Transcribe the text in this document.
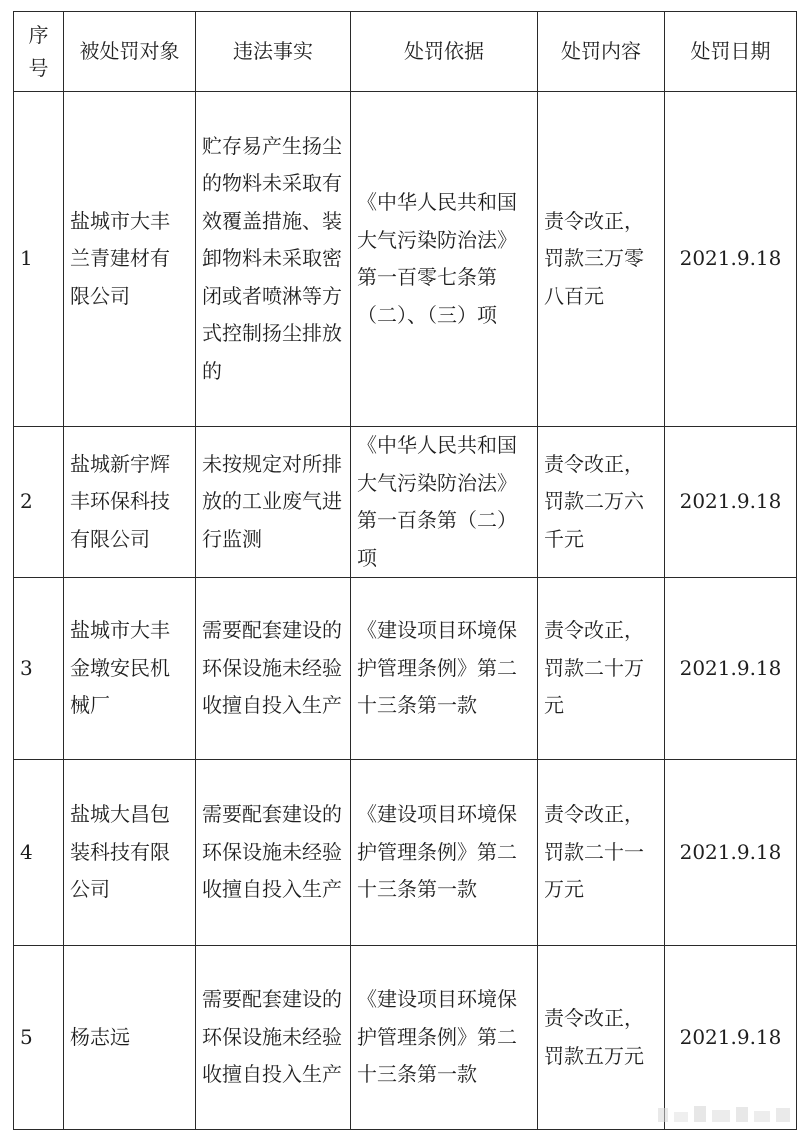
序号	被处罚对象	违法事实	处罚依据	处罚内容	处罚日期
1	盐城市大丰兰青建材有限公司	贮存易产生扬尘的物料未采取有效覆盖措施、装卸物料未采取密闭或者喷淋等方式控制扬尘排放的	《中华人民共和国大气污染防治法》第一百零七条第（二）、（三）项	责令改正，罚款三万零八百元	2021.9.18
2	盐城新宇辉丰环保科技有限公司	未按规定对所排放的工业废气进行监测	《中华人民共和国大气污染防治法》第一百条第（二）项	责令改正，罚款二万六千元	2021.9.18
3	盐城市大丰金墩安民机械厂	需要配套建设的环保设施未经验收擅自投入生产	《建设项目环境保护管理条例》第二十三条第一款	责令改正，罚款二十万元	2021.9.18
4	盐城大昌包装科技有限公司	需要配套建设的环保设施未经验收擅自投入生产	《建设项目环境保护管理条例》第二十三条第一款	责令改正，罚款二十一万元	2021.9.18
5	杨志远	需要配套建设的环保设施未经验收擅自投入生产	《建设项目环境保护管理条例》第二十三条第一款	责令改正，罚款五万元	2021.9.18
